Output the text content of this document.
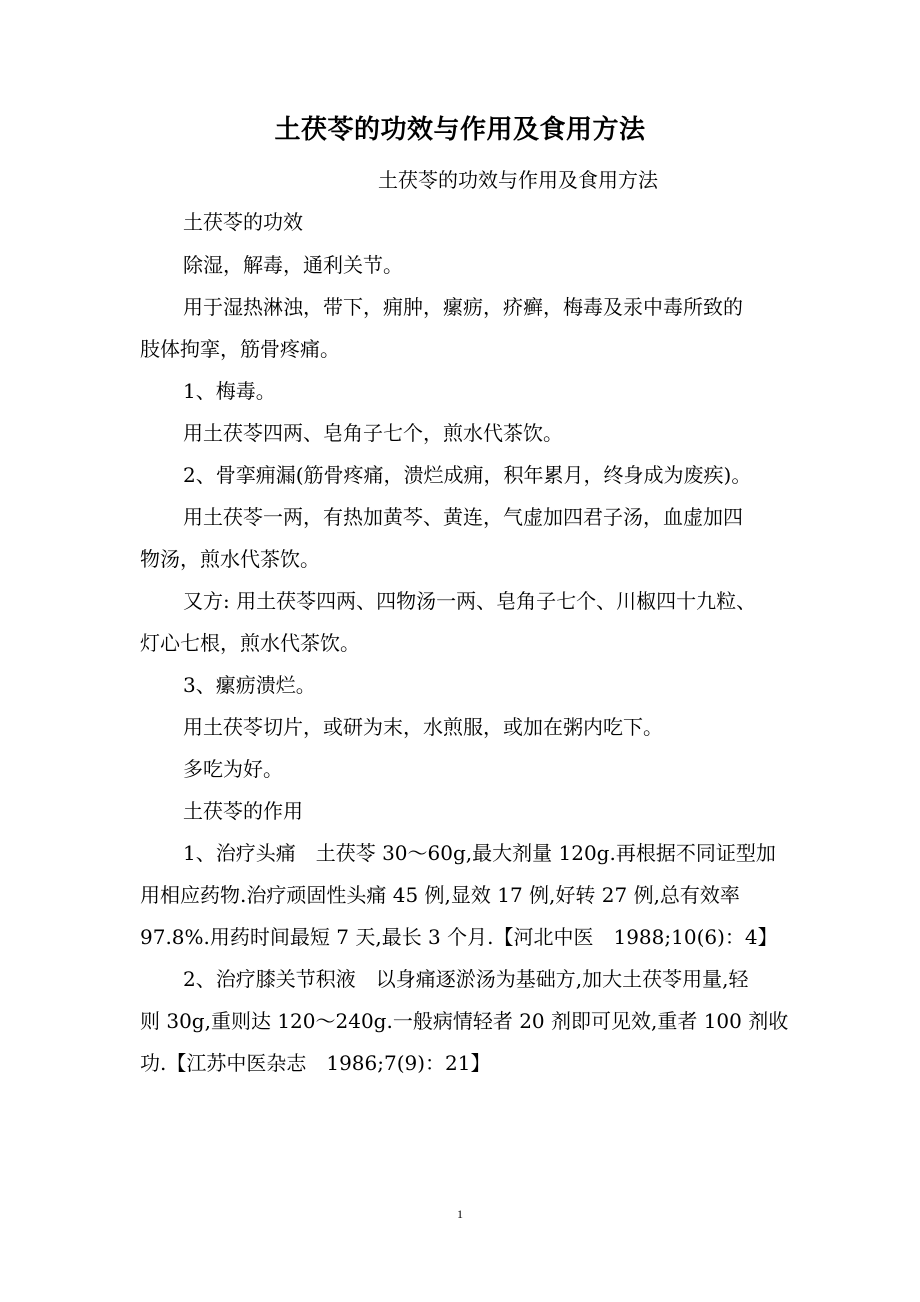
土茯苓的功效与作用及食用方法
土茯苓的功效与作用及食用方法
土茯苓的功效
除湿，解毒，通利关节。
用于湿热淋浊，带下，痈肿，瘰疬，疥癣，梅毒及汞中毒所致的
肢体拘挛，筋骨疼痛。
1、梅毒。
用土茯苓四两、皂角子七个，煎水代茶饮。
2、骨挛痈漏(筋骨疼痛，溃烂成痈，积年累月，终身成为废疾)。
用土茯苓一两，有热加黄芩、黄连，气虚加四君子汤，血虚加四
物汤，煎水代茶饮。
又方: 用土茯苓四两、四物汤一两、皂角子七个、川椒四十九粒、
灯心七根，煎水代茶饮。
3、瘰疬溃烂。
用土茯苓切片，或研为末，水煎服，或加在粥内吃下。
多吃为好。
土茯苓的作用
1、治疗头痛　土茯苓 30～60g,最大剂量 120g.再根据不同证型加
用相应药物.治疗顽固性头痛 45 例,显效 17 例,好转 27 例,总有效率
97.8%.用药时间最短 7 天,最长 3 个月.【河北中医　1988;10(6)：4】
2、治疗膝关节积液　以身痛逐淤汤为基础方,加大土茯苓用量,轻
则 30g,重则达 120～240g.一般病情轻者 20 剂即可见效,重者 100 剂收
功.【江苏中医杂志　1986;7(9)：21】
1
